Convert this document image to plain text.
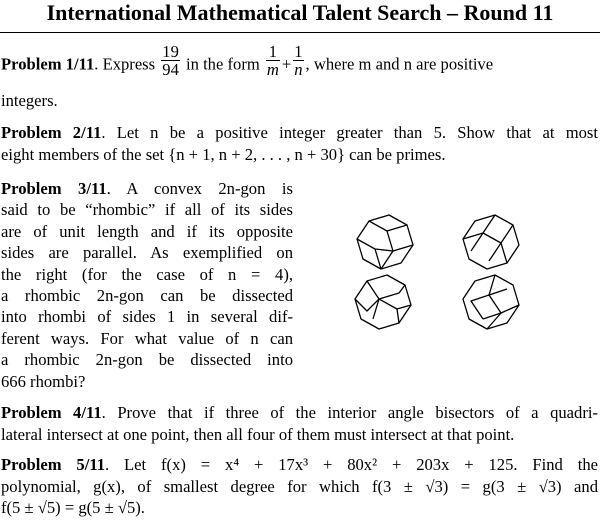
International Mathematical Talent Search – Round 11
Problem 1/11. Express $\frac{19}{94}$ in the form $\frac{1}{m} + \frac{1}{n}$ , where m and n are positive
integers.
Problem 2/11. Let n be a positive integer greater than 5. Show that at most
eight members of the set {n + 1, n + 2, . . . , n + 30} can be primes.
Problem 3/11. A convex 2n-gon is
said to be “rhombic” if all of its sides
are of unit length and if its opposite
sides are parallel. As exemplified on
the right (for the case of n = 4),
a rhombic 2n-gon can be dissected
into rhombi of sides 1 in several dif-
ferent ways. For what value of n can
a rhombic 2n-gon be dissected into
666 rhombi?
Problem 4/11. Prove that if three of the interior angle bisectors of a quadri-
lateral intersect at one point, then all four of them must intersect at that point.
Problem 5/11. Let f(x) = x⁴ + 17x³ + 80x² + 203x + 125. Find the
polynomial, g(x), of smallest degree for which f(3 ± √3) = g(3 ± √3) and
f(5 ± √5) = g(5 ± √5).
